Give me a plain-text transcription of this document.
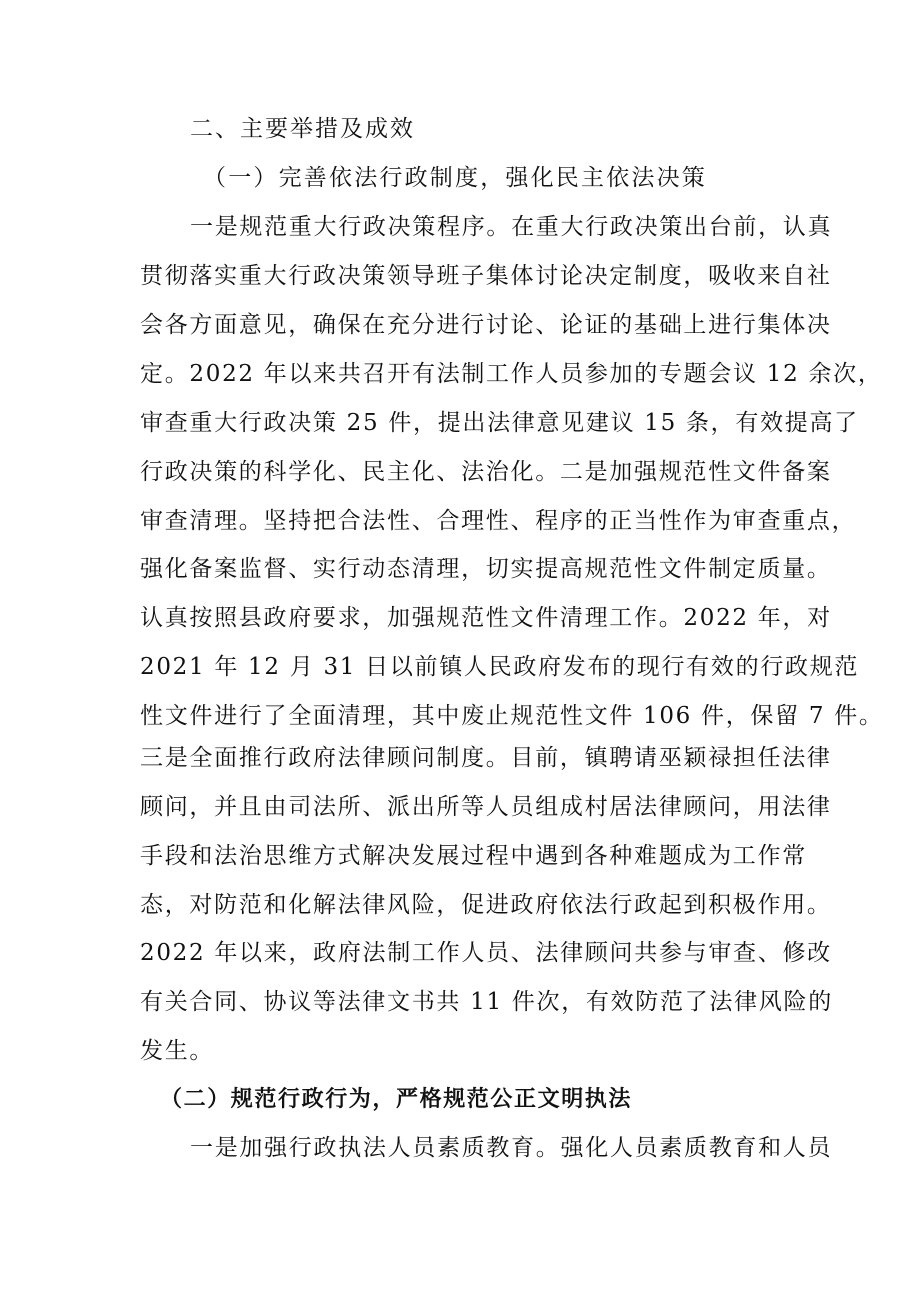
二、主要举措及成效
（一）完善依法行政制度，强化民主依法决策
一是规范重大行政决策程序。在重大行政决策出台前，认真
贯彻落实重大行政决策领导班子集体讨论决定制度，吸收来自社
会各方面意见，确保在充分进行讨论、论证的基础上进行集体决
定。2022 年以来共召开有法制工作人员参加的专题会议 12 余次，
审查重大行政决策 25 件，提出法律意见建议 15 条，有效提高了
行政决策的科学化、民主化、法治化。二是加强规范性文件备案
审查清理。坚持把合法性、合理性、程序的正当性作为审查重点，
强化备案监督、实行动态清理，切实提高规范性文件制定质量。
认真按照县政府要求，加强规范性文件清理工作。2022 年，对
2021 年 12 月 31 日以前镇人民政府发布的现行有效的行政规范
性文件进行了全面清理，其中废止规范性文件 106 件，保留 7 件。
三是全面推行政府法律顾问制度。目前，镇聘请巫颖禄担任法律
顾问，并且由司法所、派出所等人员组成村居法律顾问，用法律
手段和法治思维方式解决发展过程中遇到各种难题成为工作常
态，对防范和化解法律风险，促进政府依法行政起到积极作用。
2022 年以来，政府法制工作人员、法律顾问共参与审查、修改
有关合同、协议等法律文书共 11 件次，有效防范了法律风险的
发生。
（二）规范行政行为，严格规范公正文明执法
一是加强行政执法人员素质教育。强化人员素质教育和人员
